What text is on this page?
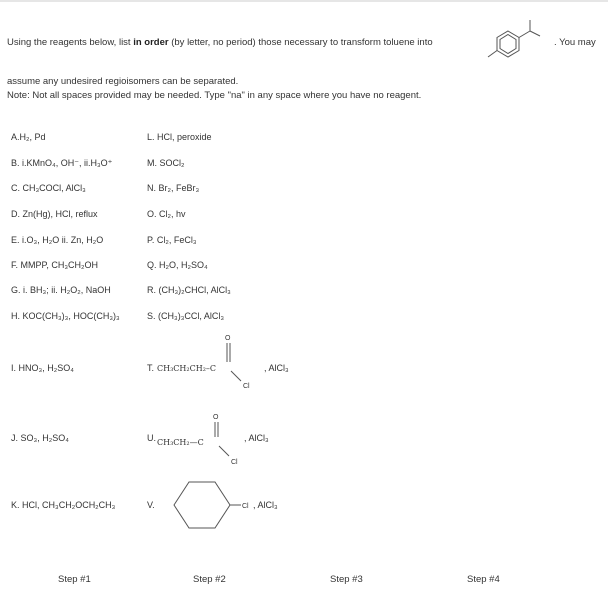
Using the reagents below, list in order (by letter, no period) those necessary to transform toluene into	. You may
assume any undesired regioisomers can be separated.
Note: Not all spaces provided may be needed. Type "na" in any space where you have no reagent.
A.H₂, Pd
B. i.KMnO₄, OH⁻, ii.H₃O⁺
C. CH₃COCl, AlCl₃
D. Zn(Hg), HCl, reflux
E. i.O₃, H₂O ii. Zn, H₂O
F. MMPP, CH₃CH₂OH
G. i. BH₃; ii. H₂O₂, NaOH
H. KOC(CH₃)₃, HOC(CH₃)₃
I. HNO₃, H₂SO₄
J. SO₃, H₂SO₄
K. HCl, CH₃CH₂OCH₂CH₃
L. HCl, peroxide
M. SOCl₂
N. Br₂, FeBr₃
O. Cl₂, hv
P. Cl₂, FeCl₃
Q. H₂O, H₂SO₄
R. (CH₃)₂CHCl, AlCl₃
S. (CH₃)₃CCl, AlCl₃
T. CH₃CH₂CH₂–C
O
Cl
, AlCl₃
U. CH₃CH₂—C
O
Cl
, AlCl₃
V.	Cl , AlCl₃
Step #1	Step #2	Step #3	Step #4
